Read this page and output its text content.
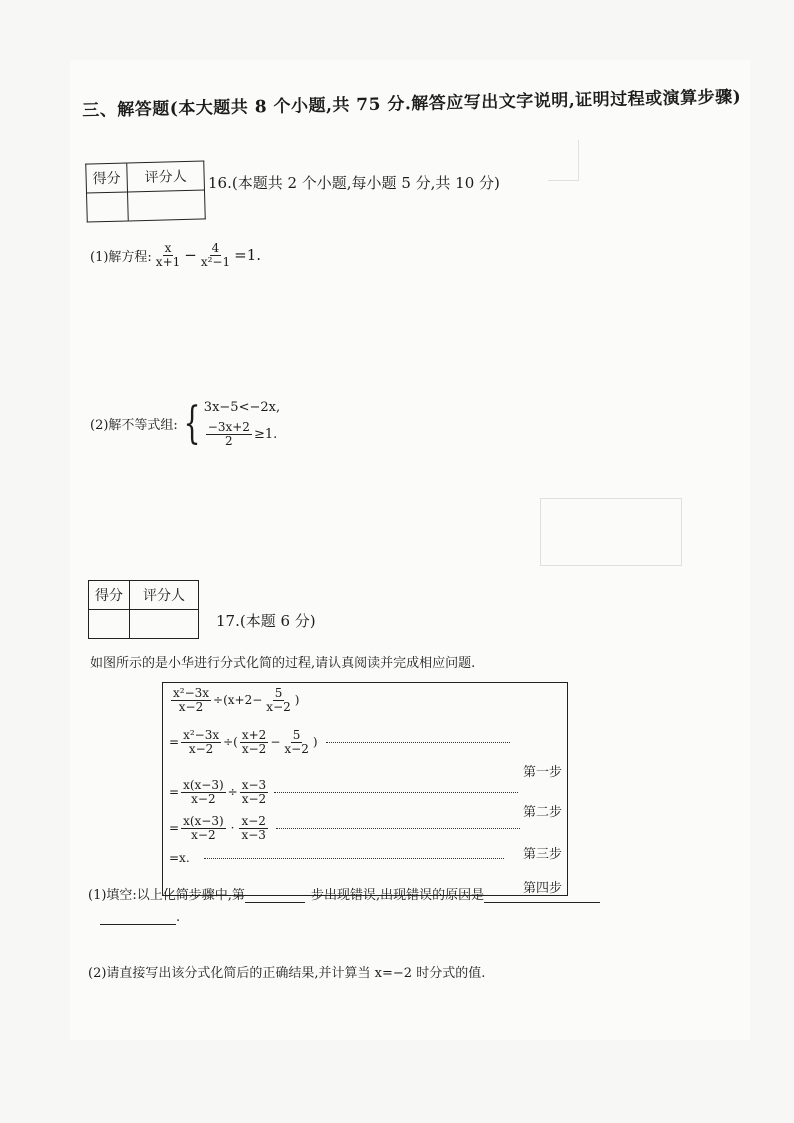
三、解答题(本大题共 8 个小题,共 75 分.解答应写出文字说明,证明过程或演算步骤)
得分	评分人
	16.(本题共 2 个小题,每小题 5 分,共 10 分)
(1)解方程: $\frac{x}{x+1} - \frac{4}{\text{x²−1}} =1$.
(2)解不等式组: { 3x−5<−2x,
$\frac{-3x+2}{2} \ge 1$.
得分	评分人

17.(本题 6 分)
如图所示的是小华进行分式化简的过程,请认真阅读并完成相应问题.
$\frac{\text{x²−3x}}{x-2} \div(x+2- \frac{5}{x-2}$ )
= $\frac{\text{x²−3x}}{x-2}$ ÷( $\frac{x+2}{x-2} - \frac{5}{x-2}$ )
第一步
= $\frac{x(x-3)}{x-2} \div \frac{x-3}{x-2}$
第二步
= $\frac{x(x-3)}{x-2} \cdot \frac{x-2}{x-3}$
第三步
=x.
第四步
(1)填空:以上化简步骤中,第	步出现错误,出现错误的原因是
.
(2)请直接写出该分式化简后的正确结果,并计算当 x=−2 时分式的值.
